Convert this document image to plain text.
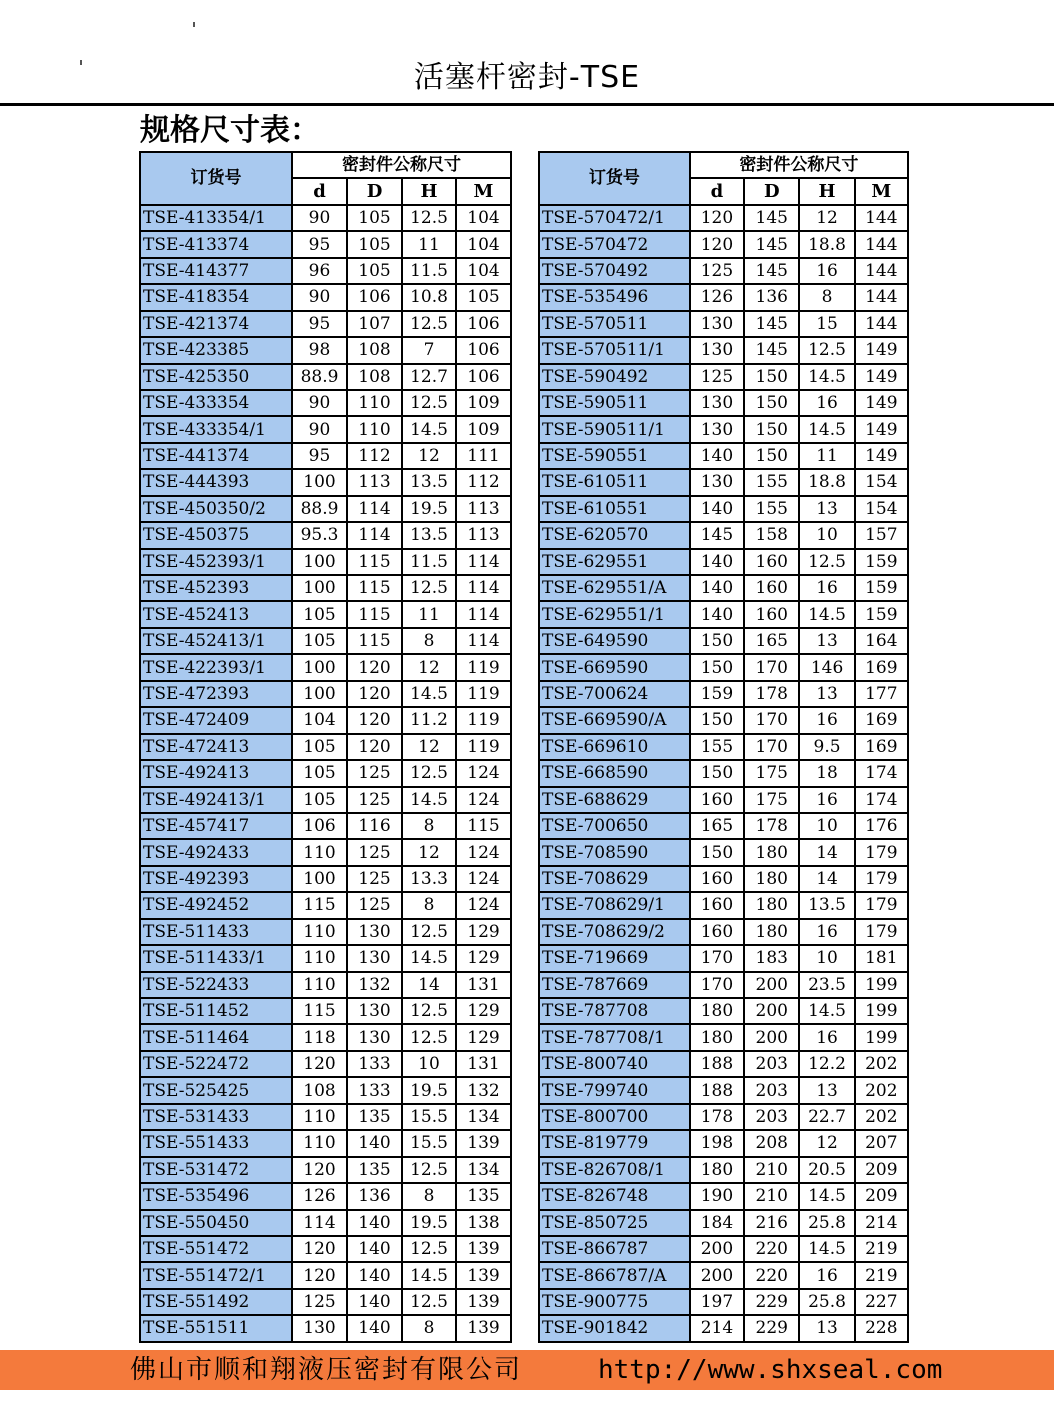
活塞杆密封-TSE
规格尺寸表：
订货号	密封件公称尺寸			
	d	D	H	M
TSE-413354/1	90	105	12.5	104
TSE-413374	95	105	11	104
TSE-414377	96	105	11.5	104
TSE-418354	90	106	10.8	105
TSE-421374	95	107	12.5	106
TSE-423385	98	108	7	106
TSE-425350	88.9	108	12.7	106
TSE-433354	90	110	12.5	109
TSE-433354/1	90	110	14.5	109
TSE-441374	95	112	12	111
TSE-444393	100	113	13.5	112
TSE-450350/2	88.9	114	19.5	113
TSE-450375	95.3	114	13.5	113
TSE-452393/1	100	115	11.5	114
TSE-452393	100	115	12.5	114
TSE-452413	105	115	11	114
TSE-452413/1	105	115	8	114
TSE-422393/1	100	120	12	119
TSE-472393	100	120	14.5	119
TSE-472409	104	120	11.2	119
TSE-472413	105	120	12	119
TSE-492413	105	125	12.5	124
TSE-492413/1	105	125	14.5	124
TSE-457417	106	116	8	115
TSE-492433	110	125	12	124
TSE-492393	100	125	13.3	124
TSE-492452	115	125	8	124
TSE-511433	110	130	12.5	129
TSE-511433/1	110	130	14.5	129
TSE-522433	110	132	14	131
TSE-511452	115	130	12.5	129
TSE-511464	118	130	12.5	129
TSE-522472	120	133	10	131
TSE-525425	108	133	19.5	132
TSE-531433	110	135	15.5	134
TSE-551433	110	140	15.5	139
TSE-531472	120	135	12.5	134
TSE-535496	126	136	8	135
TSE-550450	114	140	19.5	138
TSE-551472	120	140	12.5	139
TSE-551472/1	120	140	14.5	139
TSE-551492	125	140	12.5	139
TSE-551511	130	140	8	139
订货号	密封件公称尺寸			
	d	D	H	M
TSE-570472/1	120	145	12	144
TSE-570472	120	145	18.8	144
TSE-570492	125	145	16	144
TSE-535496	126	136	8	144
TSE-570511	130	145	15	144
TSE-570511/1	130	145	12.5	149
TSE-590492	125	150	14.5	149
TSE-590511	130	150	16	149
TSE-590511/1	130	150	14.5	149
TSE-590551	140	150	11	149
TSE-610511	130	155	18.8	154
TSE-610551	140	155	13	154
TSE-620570	145	158	10	157
TSE-629551	140	160	12.5	159
TSE-629551/A	140	160	16	159
TSE-629551/1	140	160	14.5	159
TSE-649590	150	165	13	164
TSE-669590	150	170	146	169
TSE-700624	159	178	13	177
TSE-669590/A	150	170	16	169
TSE-669610	155	170	9.5	169
TSE-668590	150	175	18	174
TSE-688629	160	175	16	174
TSE-700650	165	178	10	176
TSE-708590	150	180	14	179
TSE-708629	160	180	14	179
TSE-708629/1	160	180	13.5	179
TSE-708629/2	160	180	16	179
TSE-719669	170	183	10	181
TSE-787669	170	200	23.5	199
TSE-787708	180	200	14.5	199
TSE-787708/1	180	200	16	199
TSE-800740	188	203	12.2	202
TSE-799740	188	203	13	202
TSE-800700	178	203	22.7	202
TSE-819779	198	208	12	207
TSE-826708/1	180	210	20.5	209
TSE-826748	190	210	14.5	209
TSE-850725	184	216	25.8	214
TSE-866787	200	220	14.5	219
TSE-866787/A	200	220	16	219
TSE-900775	197	229	25.8	227
TSE-901842	214	229	13	228
佛山市顺和翔液压密封有限公司	http://www.shxseal.com
